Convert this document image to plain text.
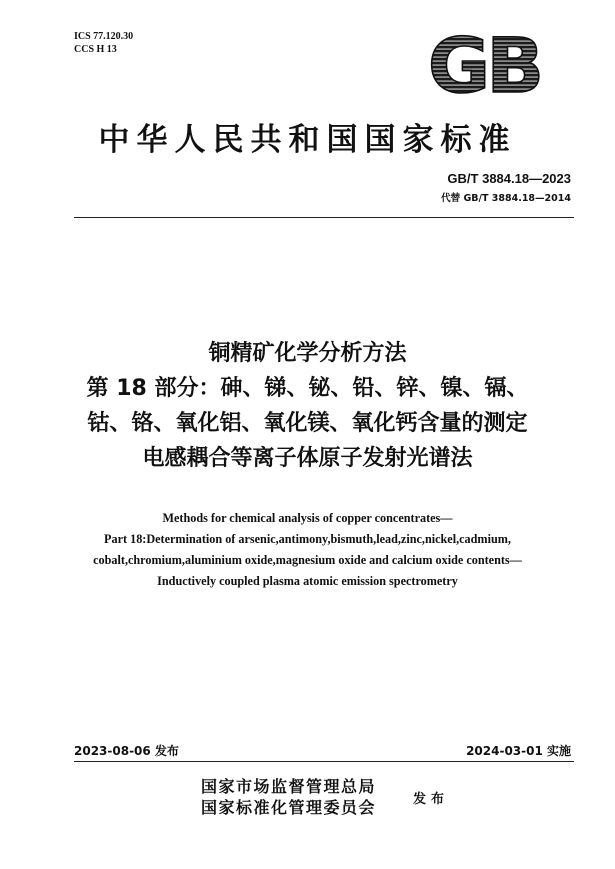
ICS 77.120.30
CCS H 13	GB
中华人民共和国国家标准
GB/T 3884.18—2023
代替 GB/T 3884.18—2014
铜精矿化学分析方法
第 18 部分：砷、锑、铋、铅、锌、镍、镉、
钴、铬、氧化铝、氧化镁、氧化钙含量的测定
电感耦合等离子体原子发射光谱法
Methods for chemical analysis of copper concentrates—
Part 18:Determination of arsenic,antimony,bismuth,lead,zinc,nickel,cadmium,
cobalt,chromium,aluminium oxide,magnesium oxide and calcium oxide contents—
Inductively coupled plasma atomic emission spectrometry
2023-08-06 发布	2024-03-01 实施
国家市场监督管理总局
国家标准化管理委员会	发布
